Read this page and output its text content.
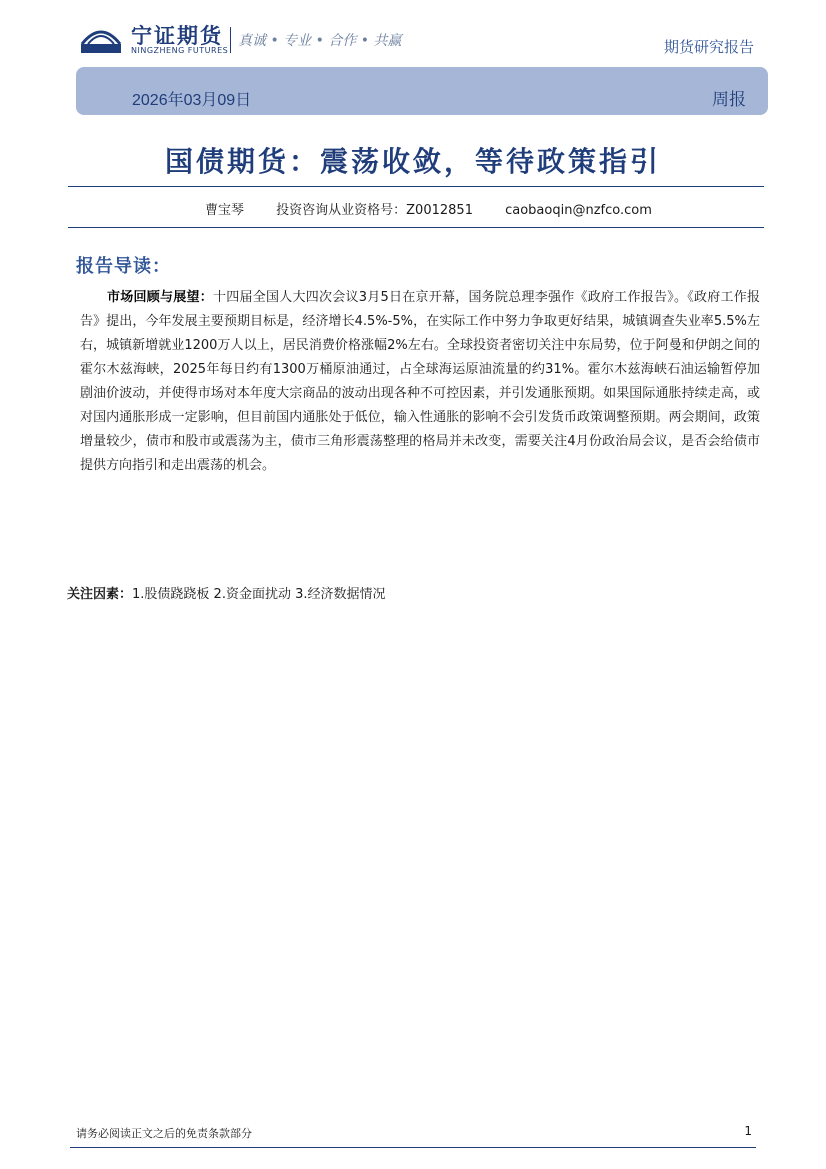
宁证期货
NINGZHENG FUTURES
真诚 • 专业 • 合作 • 共赢	期货研究报告
2026年03月09日	周报
国债期货：震荡收敛，等待政策指引
曹宝琴 投资咨询从业资格号：Z0012851 caobaoqin@nzfco.com
报告导读：
市场回顾与展望：十四届全国人大四次会议3月5日在京开幕，国务院总理李强作《政府工作报告》。《政府工作报告》提出，今年发展主要预期目标是，经济增长4.5%-5%，在实际工作中努力争取更好结果，城镇调查失业率5.5%左右，城镇新增就业1200万人以上，居民消费价格涨幅2%左右。全球投资者密切关注中东局势，位于阿曼和伊朗之间的霍尔木兹海峡，2025年每日约有1300万桶原油通过，占全球海运原油流量的约31%。霍尔木兹海峡石油运输暂停加剧油价波动，并使得市场对本年度大宗商品的波动出现各种不可控因素，并引发通胀预期。如果国际通胀持续走高，或对国内通胀形成一定影响，但目前国内通胀处于低位，输入性通胀的影响不会引发货币政策调整预期。两会期间，政策增量较少，债市和股市或震荡为主，债市三角形震荡整理的格局并未改变，需要关注4月份政治局会议，是否会给债市提供方向指引和走出震荡的机会。
关注因素：1.股债跷跷板 2.资金面扰动 3.经济数据情况
请务必阅读正文之后的免责条款部分	1
